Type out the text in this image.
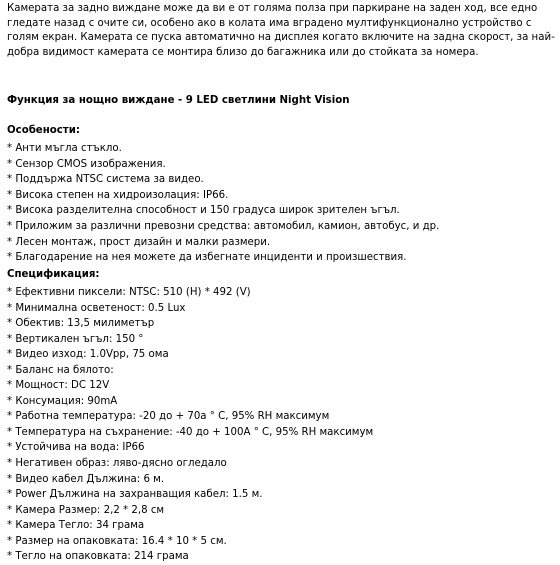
Камерата за задно виждане може да ви е от голяма полза при паркиране на заден ход, все едно гледате назад с очите си, особено ако в колата има вградено мултифункционално устройство с голям екран. Камерата се пуска автоматично на дисплея когато включите на задна скорост, за най-добра видимост камерата се монтира близо до багажника или до стойката за номера.

Функция за нощно виждане - 9 LED светлини Night Vision

Особености:

* Анти мъгла стъкло.
* Сензор CMOS изображения.
* Поддържа NTSC система за видео.
* Висока степен на хидроизолация: IP66.
* Висока разделителна способност и 150 градуса широк зрителен ъгъл.
* Приложим за различни превозни средства: автомобил, камион, автобус, и др.
* Лесен монтаж, прост дизайн и малки размери.
* Благодарение на нея можете да избегнате инциденти и произшествия.

Спецификация:

* Ефективни пиксели: NTSC: 510 (H) * 492 (V)
* Минимална осветеност: 0.5 Lux
* Обектив: 13,5 милиметър
* Вертикален ъгъл: 150 °
* Видео изход: 1.0Vpp, 75 ома
* Баланс на бялото:
* Мощност: DC 12V
* Консумация: 90mA
* Работна температура: -20 до + 70a ° C, 95% RH максимум
* Температура на съхранение: -40 до + 100A ° C, 95% RH максимум
* Устойчива на вода: IP66
* Негативен образ: ляво-дясно огледало
* Видео кабел Дължина: 6 м.
* Power Дължина на захранващия кабел: 1.5 м.
* Камера Размер: 2,2 * 2,8 см
* Камера Тегло: 34 грама
* Размер на опаковката: 16.4 * 10 * 5 см.
* Тегло на опаковката: 214 грама
